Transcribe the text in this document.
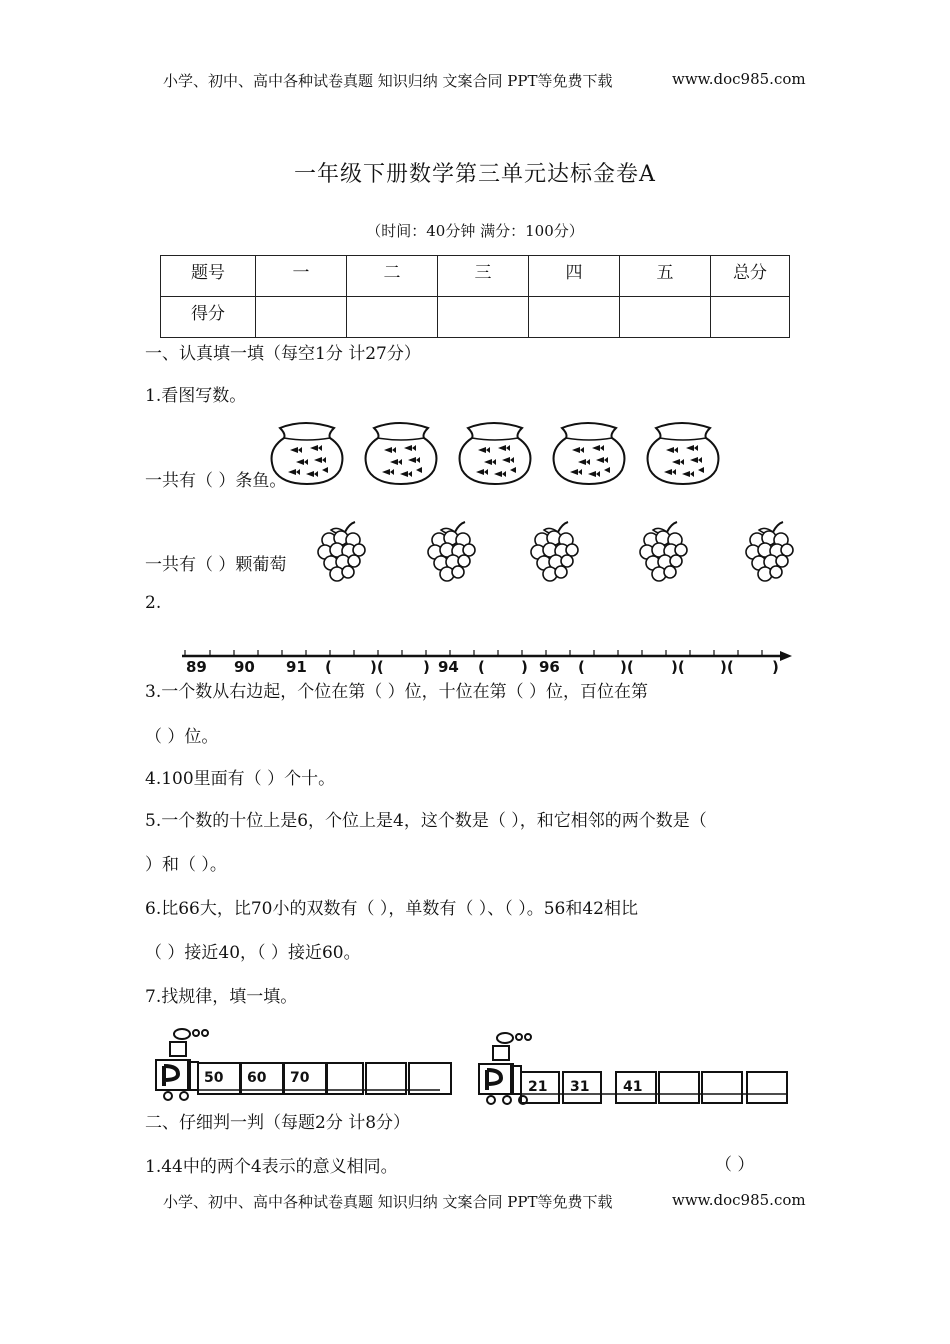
小学、初中、高中各种试卷真题 知识归纳 文案合同 PPT等免费下载	www.doc985.com
一年级下册数学第三单元达标金卷A
（时间：40分钟 满分：100分）
题号	一	二	三	四	五	总分
得分						
一、认真填一填（每空1分 计27分）
1.看图写数。
一共有（ ）条鱼。
一共有（ ）颗葡萄
2.
89 90 91 (	)(	) 94 ( ) 96 ( )( )( )(	)
3.一个数从右边起，个位在第（ ）位，十位在第（ ）位，百位在第
（ ）位。
4.100里面有（ ）个十。
5.一个数的十位上是6，个位上是4，这个数是（ ），和它相邻的两个数是（
）和（ ）。
6.比66大，比70小的双数有（ ），单数有（ ）、（ ）。56和42相比
（ ）接近40，（ ）接近60。
7.找规律，填一填。
50 60 70
21 31 41
二、仔细判一判（每题2分 计8分）
1.44中的两个4表示的意义相同。	（ ）
小学、初中、高中各种试卷真题 知识归纳 文案合同 PPT等免费下载	www.doc985.com
